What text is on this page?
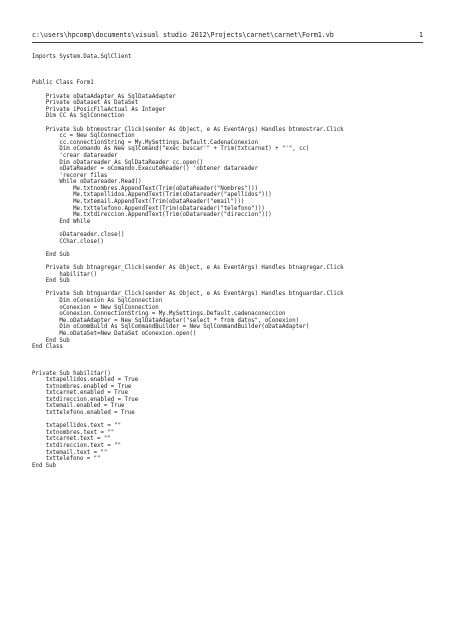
c:\users\hpcomp\documents\visual studio 2012\Projects\carnet\carnet\Form1.vb	1
Imports System.Data.SqlClient
Public Class Form1
Private oDataAdapter As SqlDataAdapter
Private oDataset As DataSet
Private iPosicFilaActual As Integer
Dim CC As SqlConnection
Private Sub btnmostrar_Click(sender As Object, e As EventArgs) Handles btnmostrar.Click
cc = New SqlConnection
cc.connectionString = My.MySettings.Default.CadenaConexion
Dim oComando As New sqlComand("exec buscar'" + Trim(txtcarnet) + "'", cc)
'crear datareader
Dim oDatareader As SqlDataReader cc.open()
oDataReader = oComando.ExecuteReader() 'obtener datareader
'recorer filas
While oDatareader.Read()
Me.txtnombres.AppendText(Trim(oDataReader("Nombres")))
Me.txtapellidos.AppendText(Trim(oDatareader("apellidos")))
Me.txtemail.AppendText(Trim(oDataReader("email")))
Me.txttelefono.AppendText(Trim(oDatareader("telefono")))
Me.txtdireccion.AppendText(Trim(oDatareader("direccion")))
End While
oDatareader.close()
CChar.close()
End Sub
Private Sub btnagregar_Click(sender As Object, e As EventArgs) Handles btnagregar.Click
habilitar()
End Sub
Private Sub btnguardar_Click(sender As Object, e As EventArgs) Handles btnguardar.Click
Dim oConexion As SqlConnection
oConexion = New SqlConnection
oConexion.ConnectionString = My.MySettings.Default.cadenaconeccion
Me.oDataAdapter = New SqlDataAdapter("select * from datos", oConexion)
Dim oCommBuild As SqlCommandBuilder = New SqlCommandBuilder(oDataAdapter)
Me.oDataSet=New DataSet oConexion.open()
End Sub
End Class
Private Sub habilitar()
txtapellidos.enabled = True
txtnombres.enabled = True
txtcarnet.enabled = True
txtdireccion.enabled = True
txtemail.enabled = True
txttelefono.enabled = True
txtapellidos.text = ""
txtnombres.text = ""
txtcarnet.text = ""
txtdireccion.text = ""
txtemail.text = ""
txttelefono = ""
End Sub
